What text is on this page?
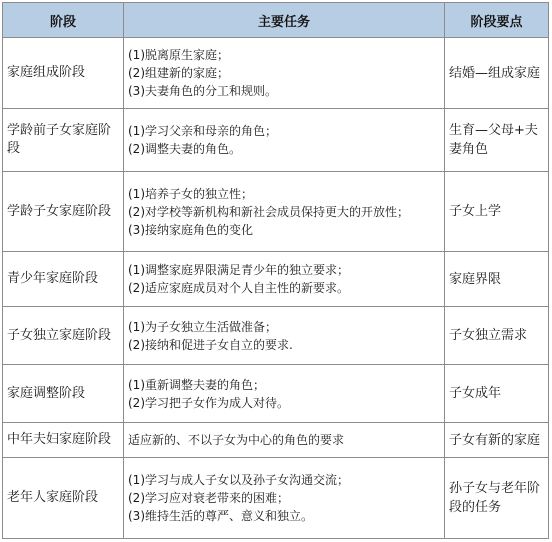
阶段	主要任务	阶段要点
家庭组成阶段	(1)脱离原生家庭；
(2)组建新的家庭；
(3)夫妻角色的分工和规则。	结婚—组成家庭
学龄前子女家庭阶段	(1)学习父亲和母亲的角色；
(2)调整夫妻的角色。	生育—父母+夫妻角色
学龄子女家庭阶段	(1)培养子女的独立性；
(2)对学校等新机构和新社会成员保持更大的开放性；
(3)接纳家庭角色的变化	子女上学
青少年家庭阶段	(1)调整家庭界限满足青少年的独立要求；
(2)适应家庭成员对个人自主性的新要求。	家庭界限
子女独立家庭阶段	(1)为子女独立生活做准备；
(2)接纳和促进子女自立的要求.	子女独立需求
家庭调整阶段	(1)重新调整夫妻的角色；
(2)学习把子女作为成人对待。	子女成年
中年夫妇家庭阶段	适应新的、不以子女为中心的角色的要求	子女有新的家庭
老年人家庭阶段	(1)学习与成人子女以及孙子女沟通交流；
(2)学习应对衰老带来的困难；
(3)维持生活的尊严、意义和独立。	孙子女与老年阶段的任务
